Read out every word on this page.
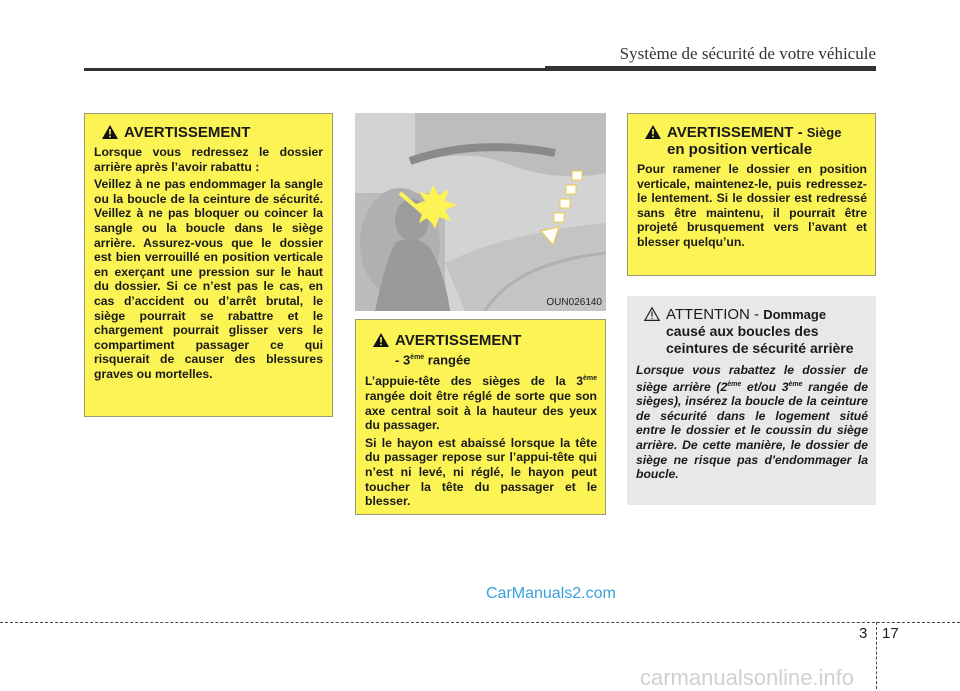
Système de sécurité de votre véhicule
AVERTISSEMENT

Lorsque vous redressez le dossier arrière après l’avoir rabattu :

Veillez à ne pas endommager la sangle ou la boucle de la ceinture de sécurité. Veillez à ne pas bloquer ou coincer la sangle ou la boucle dans le siège arrière. Assurez-vous que le dossier est bien verrouillé en position verticale en exerçant une pression sur le haut du dossier. Si ce n’est pas le cas, en cas d’accident ou d’arrêt brutal, le siège pourrait se rabattre et le chargement pourrait glisser vers le compartiment passager ce qui risquerait de causer des blessures graves ou mortelles.

OUN026140
AVERTISSEMENT
- 3ème rangée

L’appuie-tête des sièges de la 3ème rangée doit être réglé de sorte que son axe central soit à la hauteur des yeux du passager.

Si le hayon est abaissé lorsque la tête du passager repose sur l’appui-tête qui n’est ni levé, ni réglé, le hayon peut toucher la tête du passager et le blesser.

AVERTISSEMENT - Siège
en position verticale

Pour ramener le dossier en position verticale, maintenez-le, puis redressez-le lentement. Si le dossier est redressé sans être maintenu, il pourrait être projeté brusquement vers l’avant et blesser quelqu’un.

ATTENTION - Dommage
causé aux boucles des
ceintures de sécurité arrière

Lorsque vous rabattez le dossier de siège arrière (2ème et/ou 3ème rangée de sièges), insérez la boucle de la ceinture de sécurité dans le logement situé entre le dossier et le coussin du siège arrière. De cette manière, le dossier de siège ne risque pas d'endommager la boucle.

CarManuals2.com
3 17
carmanualsonline.info
